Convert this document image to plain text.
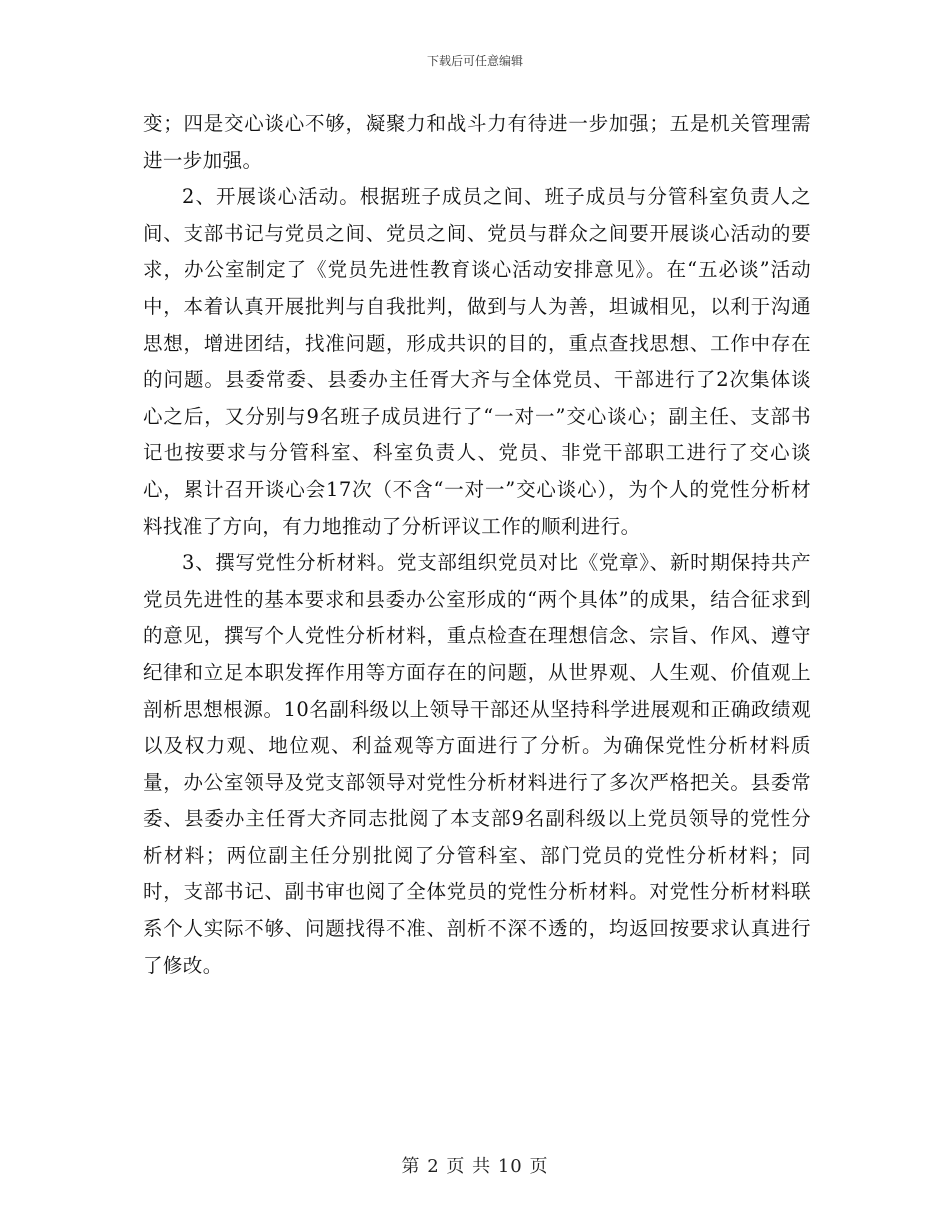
下载后可任意编辑

变；四是交心谈心不够，凝聚力和战斗力有待进一步加强；五是机关管理需进一步加强。

2、开展谈心活动。根据班子成员之间、班子成员与分管科室负责人之间、支部书记与党员之间、党员之间、党员与群众之间要开展谈心活动的要求，办公室制定了《党员先进性教育谈心活动安排意见》。在“五必谈”活动中，本着认真开展批判与自我批判，做到与人为善，坦诚相见，以利于沟通思想，增进团结，找准问题，形成共识的目的，重点查找思想、工作中存在的问题。县委常委、县委办主任胥大齐与全体党员、干部进行了2次集体谈心之后，又分别与9名班子成员进行了“一对一”交心谈心；副主任、支部书记也按要求与分管科室、科室负责人、党员、非党干部职工进行了交心谈心，累计召开谈心会17次（不含“一对一”交心谈心），为个人的党性分析材料找准了方向，有力地推动了分析评议工作的顺利进行。

3、撰写党性分析材料。党支部组织党员对比《党章》、新时期保持共产党员先进性的基本要求和县委办公室形成的“两个具体”的成果，结合征求到的意见，撰写个人党性分析材料，重点检查在理想信念、宗旨、作风、遵守纪律和立足本职发挥作用等方面存在的问题，从世界观、人生观、价值观上剖析思想根源。10名副科级以上领导干部还从坚持科学进展观和正确政绩观以及权力观、地位观、利益观等方面进行了分析。为确保党性分析材料质量，办公室领导及党支部领导对党性分析材料进行了多次严格把关。县委常委、县委办主任胥大齐同志批阅了本支部9名副科级以上党员领导的党性分析材料；两位副主任分别批阅了分管科室、部门党员的党性分析材料；同时，支部书记、副书审也阅了全体党员的党性分析材料。对党性分析材料联系个人实际不够、问题找得不准、剖析不深不透的，均返回按要求认真进行了修改。

第 2 页 共 10 页
